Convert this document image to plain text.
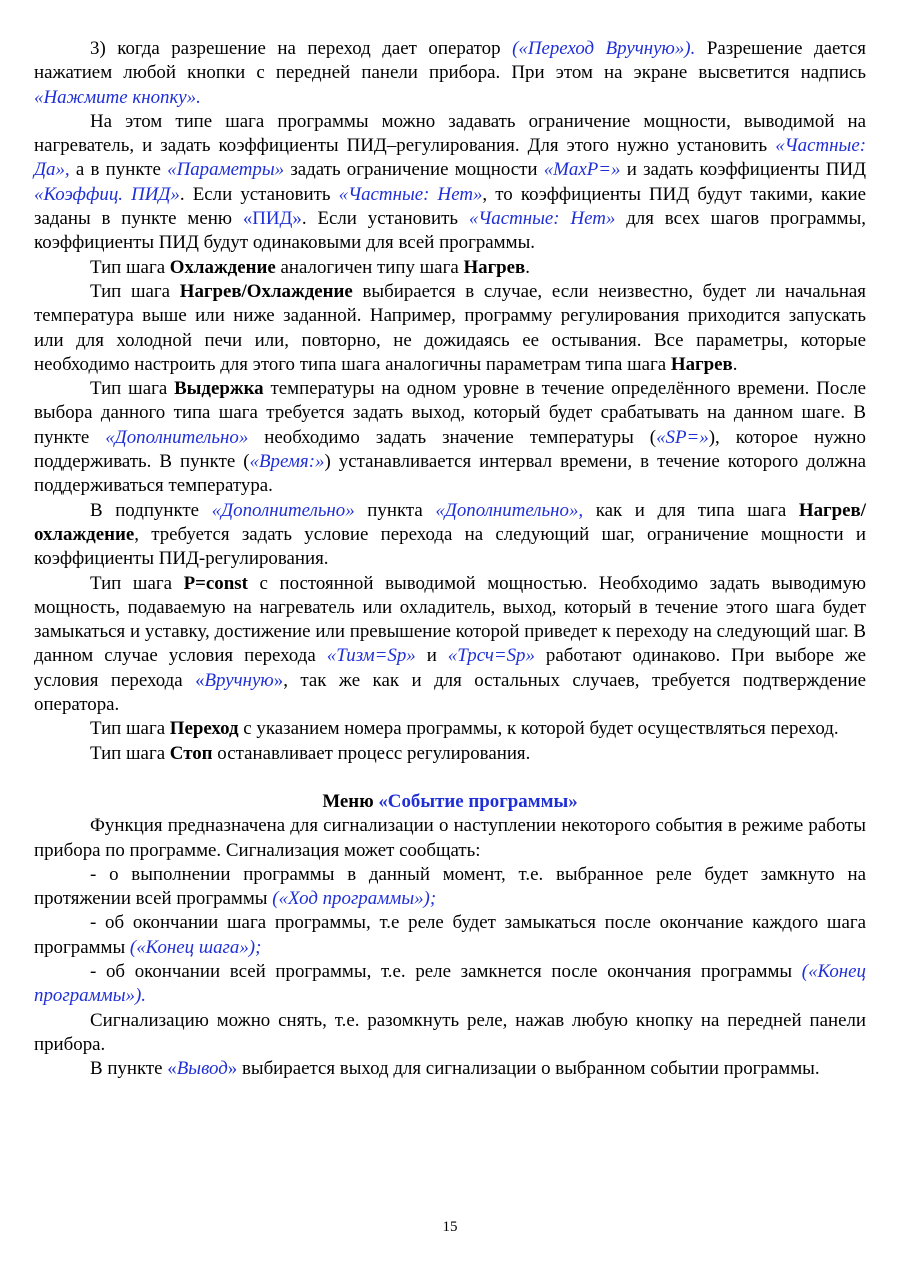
3) когда разрешение на переход дает оператор («Переход Вручную»). Разрешение дается нажатием любой кнопки с передней панели прибора. При этом на экране высветится надпись «Нажмите кнопку».

На этом типе шага программы можно задавать ограничение мощности, выводимой на нагреватель, и задать коэффициенты ПИД–регулирования. Для этого нужно установить «Частные: Да», а в пункте «Параметры» задать ограничение мощности «MaxP=» и задать коэффициенты ПИД «Коэффиц. ПИД». Если установить «Частные: Нет», то коэффициенты ПИД будут такими, какие заданы в пункте меню «ПИД». Если установить «Частные: Нет» для всех шагов программы, коэффициенты ПИД будут одинаковыми для всей программы.

Тип шага Охлаждение аналогичен типу шага Нагрев.

Тип шага Нагрев/Охлаждение выбирается в случае, если неизвестно, будет ли начальная температура выше или ниже заданной. Например, программу регулирования приходится запускать или для холодной печи или, повторно, не дожидаясь ее остывания. Все параметры, которые необходимо настроить для этого типа шага аналогичны параметрам типа шага Нагрев.

Тип шага Выдержка температуры на одном уровне в течение определённого времени. После выбора данного типа шага требуется задать выход, который будет срабатывать на данном шаге. В пункте «Дополнительно» необходимо задать значение температуры («SP=»), которое нужно поддерживать. В пункте («Время:») устанавливается интервал времени, в течение которого должна поддерживаться температура.

В подпункте «Дополнительно» пункта «Дополнительно», как и для типа шага Нагрев/охлаждение, требуется задать условие перехода на следующий шаг, ограничение мощности и коэффициенты ПИД-регулирования.

Тип шага P=const с постоянной выводимой мощностью. Необходимо задать выводимую мощность, подаваемую на нагреватель или охладитель, выход, который в течение этого шага будет замыкаться и уставку, достижение или превышение которой приведет к переходу на следующий шаг. В данном случае условия перехода «Тизм=Sp» и «Трсч=Sp» работают одинаково. При выборе же условия перехода «Вручную», так же как и для остальных случаев, требуется подтверждение оператора.

Тип шага Переход с указанием номера программы, к которой будет осуществляться переход.

Тип шага Стоп останавливает процесс регулирования.

Меню «Событие программы»

Функция предназначена для сигнализации о наступлении некоторого события в режиме работы прибора по программе. Сигнализация может сообщать:

- о выполнении программы в данный момент, т.е. выбранное реле будет замкнуто на протяжении всей программы («Ход программы»);

- об окончании шага программы, т.е реле будет замыкаться после окончание каждого шага программы («Конец шага»);

- об окончании всей программы, т.е. реле замкнется после окончания программы («Конец программы»).

Сигнализацию можно снять, т.е. разомкнуть реле, нажав любую кнопку на передней панели прибора.

В пункте «Вывод» выбирается выход для сигнализации о выбранном событии программы.

15
